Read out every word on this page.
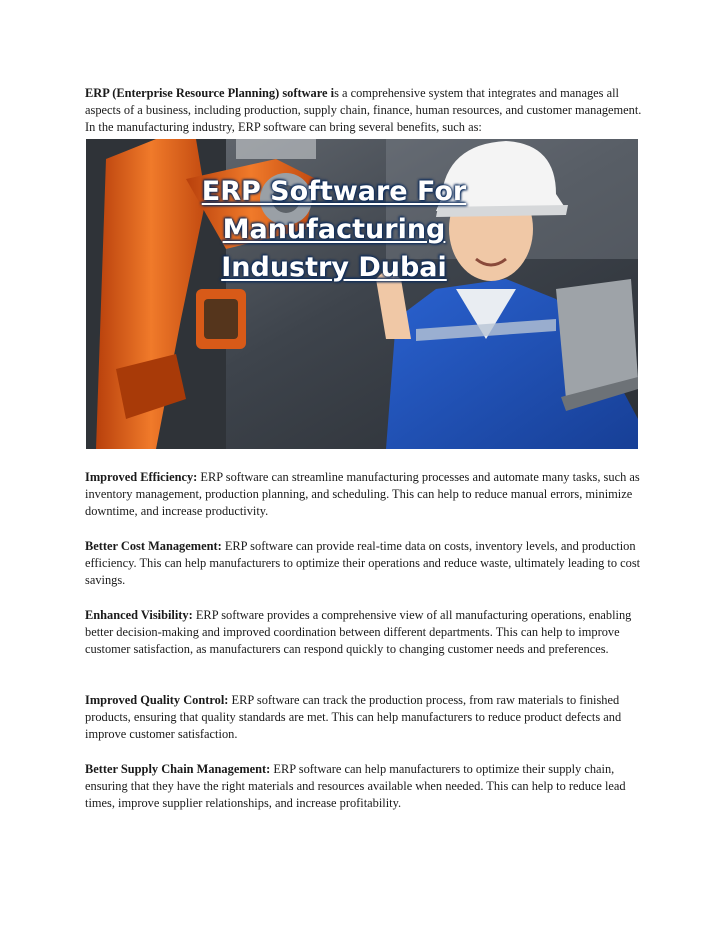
ERP (Enterprise Resource Planning) software is a comprehensive system that integrates and manages all aspects of a business, including production, supply chain, finance, human resources, and customer management. In the manufacturing industry, ERP software can bring several benefits, such as:

ERP Software For Manufacturing
Industry Dubai

Improved Efficiency: ERP software can streamline manufacturing processes and automate many tasks, such as inventory management, production planning, and scheduling. This can help to reduce manual errors, minimize downtime, and increase productivity.

Better Cost Management: ERP software can provide real-time data on costs, inventory levels, and production efficiency. This can help manufacturers to optimize their operations and reduce waste, ultimately leading to cost savings.

Enhanced Visibility: ERP software provides a comprehensive view of all manufacturing operations, enabling better decision-making and improved coordination between different departments. This can help to improve customer satisfaction, as manufacturers can respond quickly to changing customer needs and preferences.

Improved Quality Control: ERP software can track the production process, from raw materials to finished products, ensuring that quality standards are met. This can help manufacturers to reduce product defects and improve customer satisfaction.

Better Supply Chain Management: ERP software can help manufacturers to optimize their supply chain, ensuring that they have the right materials and resources available when needed. This can help to reduce lead times, improve supplier relationships, and increase profitability.
